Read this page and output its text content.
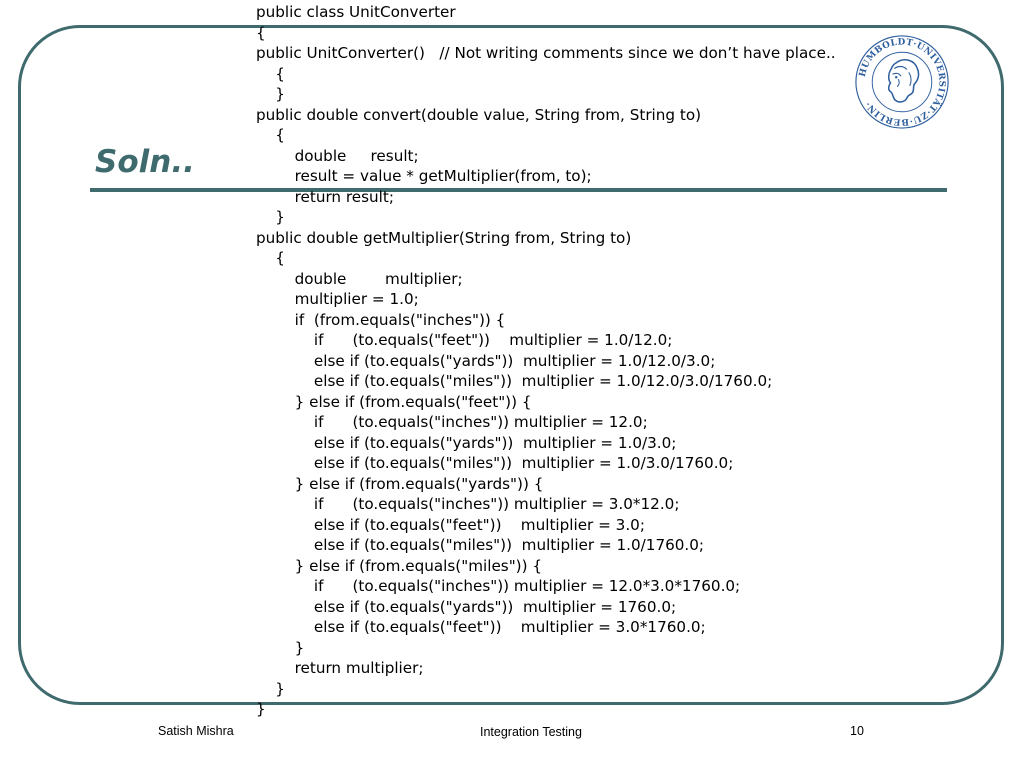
Soln..
HUMBOLDT·UNIVERSITÄT·ZU·BERLIN·
public class UnitConverter
{
public UnitConverter()   // Not writing comments since we don’t have place..
{
}
public double convert(double value, String from, String to)
{
double     result;
result = value * getMultiplier(from, to);
return result;
}
public double getMultiplier(String from, String to)
{
double        multiplier;
multiplier = 1.0;
if  (from.equals("inches")) {
if      (to.equals("feet"))    multiplier = 1.0/12.0;
else if (to.equals("yards"))  multiplier = 1.0/12.0/3.0;
else if (to.equals("miles"))  multiplier = 1.0/12.0/3.0/1760.0;
} else if (from.equals("feet")) {
if      (to.equals("inches")) multiplier = 12.0;
else if (to.equals("yards"))  multiplier = 1.0/3.0;
else if (to.equals("miles"))  multiplier = 1.0/3.0/1760.0;
} else if (from.equals("yards")) {
if      (to.equals("inches")) multiplier = 3.0*12.0;
else if (to.equals("feet"))    multiplier = 3.0;
else if (to.equals("miles"))  multiplier = 1.0/1760.0;
} else if (from.equals("miles")) {
if      (to.equals("inches")) multiplier = 12.0*3.0*1760.0;
else if (to.equals("yards"))  multiplier = 1760.0;
else if (to.equals("feet"))    multiplier = 3.0*1760.0;
}
return multiplier;
}
}
Satish Mishra	Integration Testing	10
